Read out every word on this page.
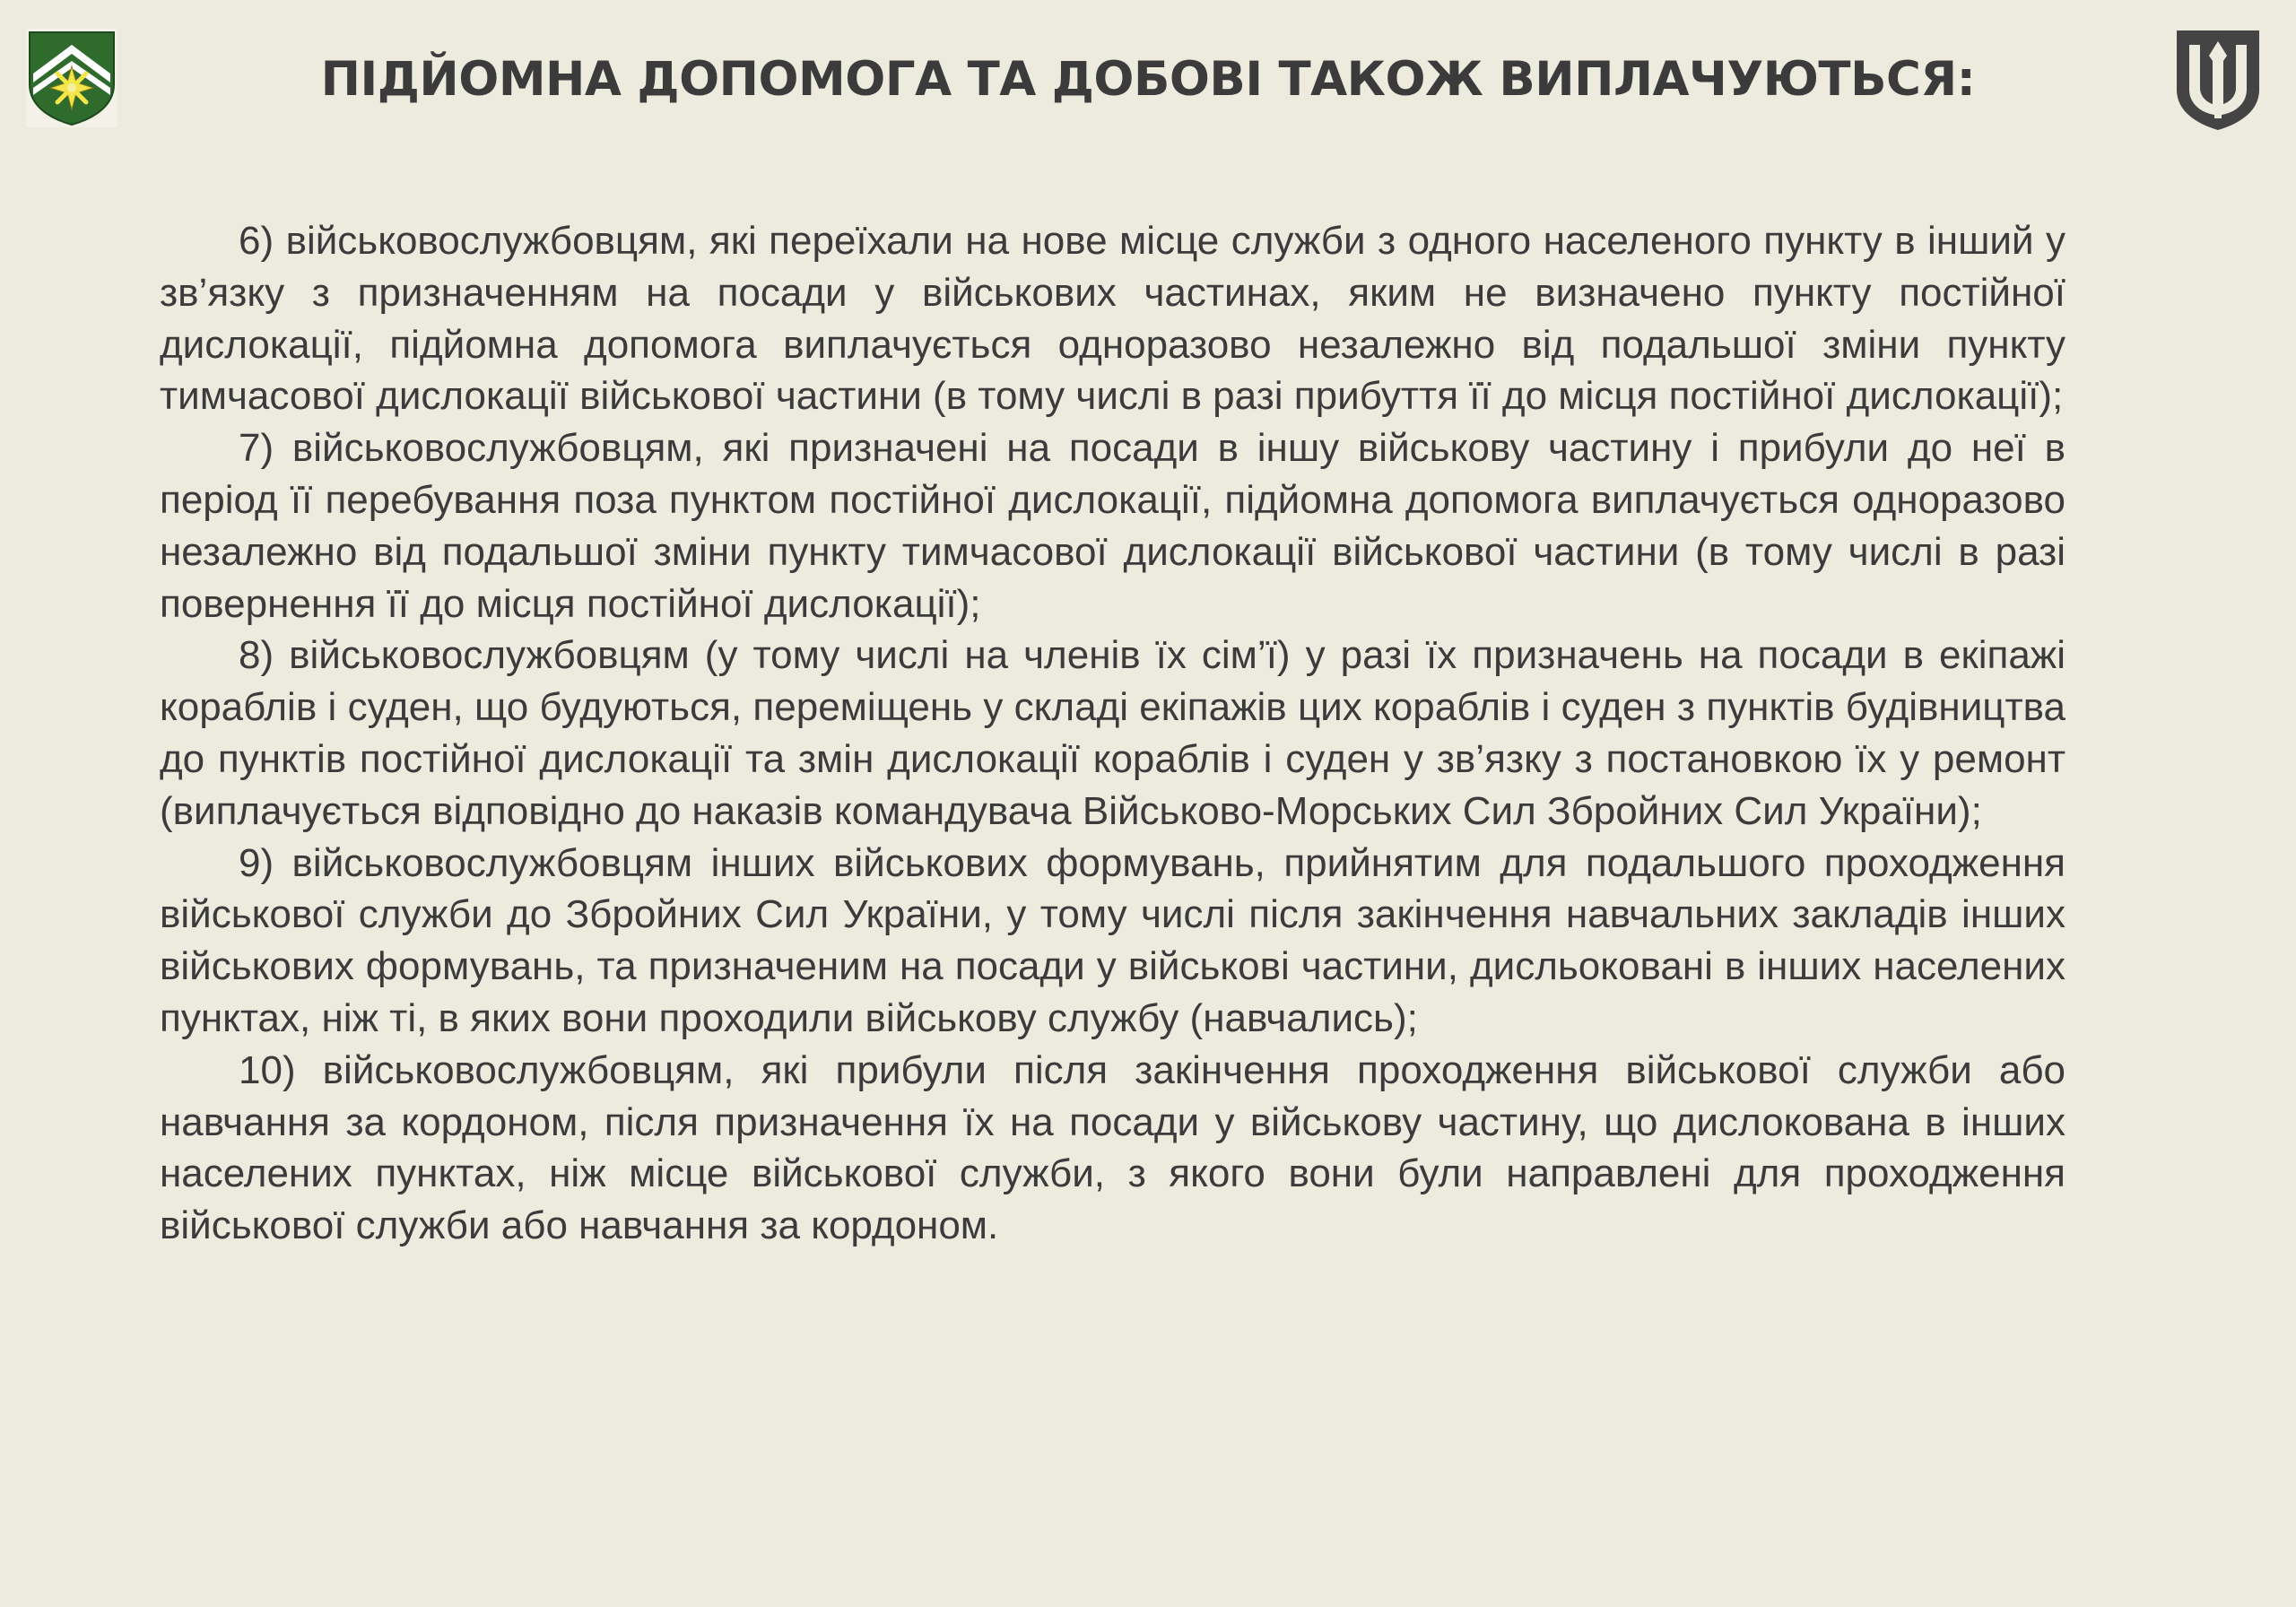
ПІДЙОМНА ДОПОМОГА ТА ДОБОВІ ТАКОЖ ВИПЛАЧУЮТЬСЯ:

6) військовослужбовцям, які переїхали на нове місце служби з одного населеного пункту в інший у зв’язку з призначенням на посади у військових частинах, яким не визначено пункту постійної дислокації, підйомна допомога виплачується одноразово незалежно від подальшої зміни пункту тимчасової дислокації військової частини (в тому числі в разі прибуття її до місця постійної дислокації);

7) військовослужбовцям, які призначені на посади в іншу військову частину і прибули до неї в період її перебування поза пунктом постійної дислокації, підйомна допомога виплачується одноразово незалежно від подальшої зміни пункту тимчасової дислокації військової частини (в тому числі в разі повернення її до місця постійної дислокації);

8) військовослужбовцям (у тому числі на членів їх сім’ї) у разі їх призначень на посади в екіпажі кораблів і суден, що будуються, переміщень у складі екіпажів цих кораблів і суден з пунктів будівництва до пунктів постійної дислокації та змін дислокації кораблів і суден у зв’язку з постановкою їх у ремонт (виплачується відповідно до наказів командувача Військово-Морських Сил Збройних Сил України);

9) військовослужбовцям інших військових формувань, прийнятим для подальшого проходження військової служби до Збройних Сил України, у тому числі після закінчення навчальних закладів інших військових формувань, та призначеним на посади у військові частини, дисльоковані в інших населених пунктах, ніж ті, в яких вони проходили військову службу (навчались);

10) військовослужбовцям, які прибули після закінчення проходження військової служби або навчання за кордоном, після призначення їх на посади у військову частину, що дислокована в інших населених пунктах, ніж місце військової служби, з якого вони були направлені для проходження військової служби або навчання за кордоном.
